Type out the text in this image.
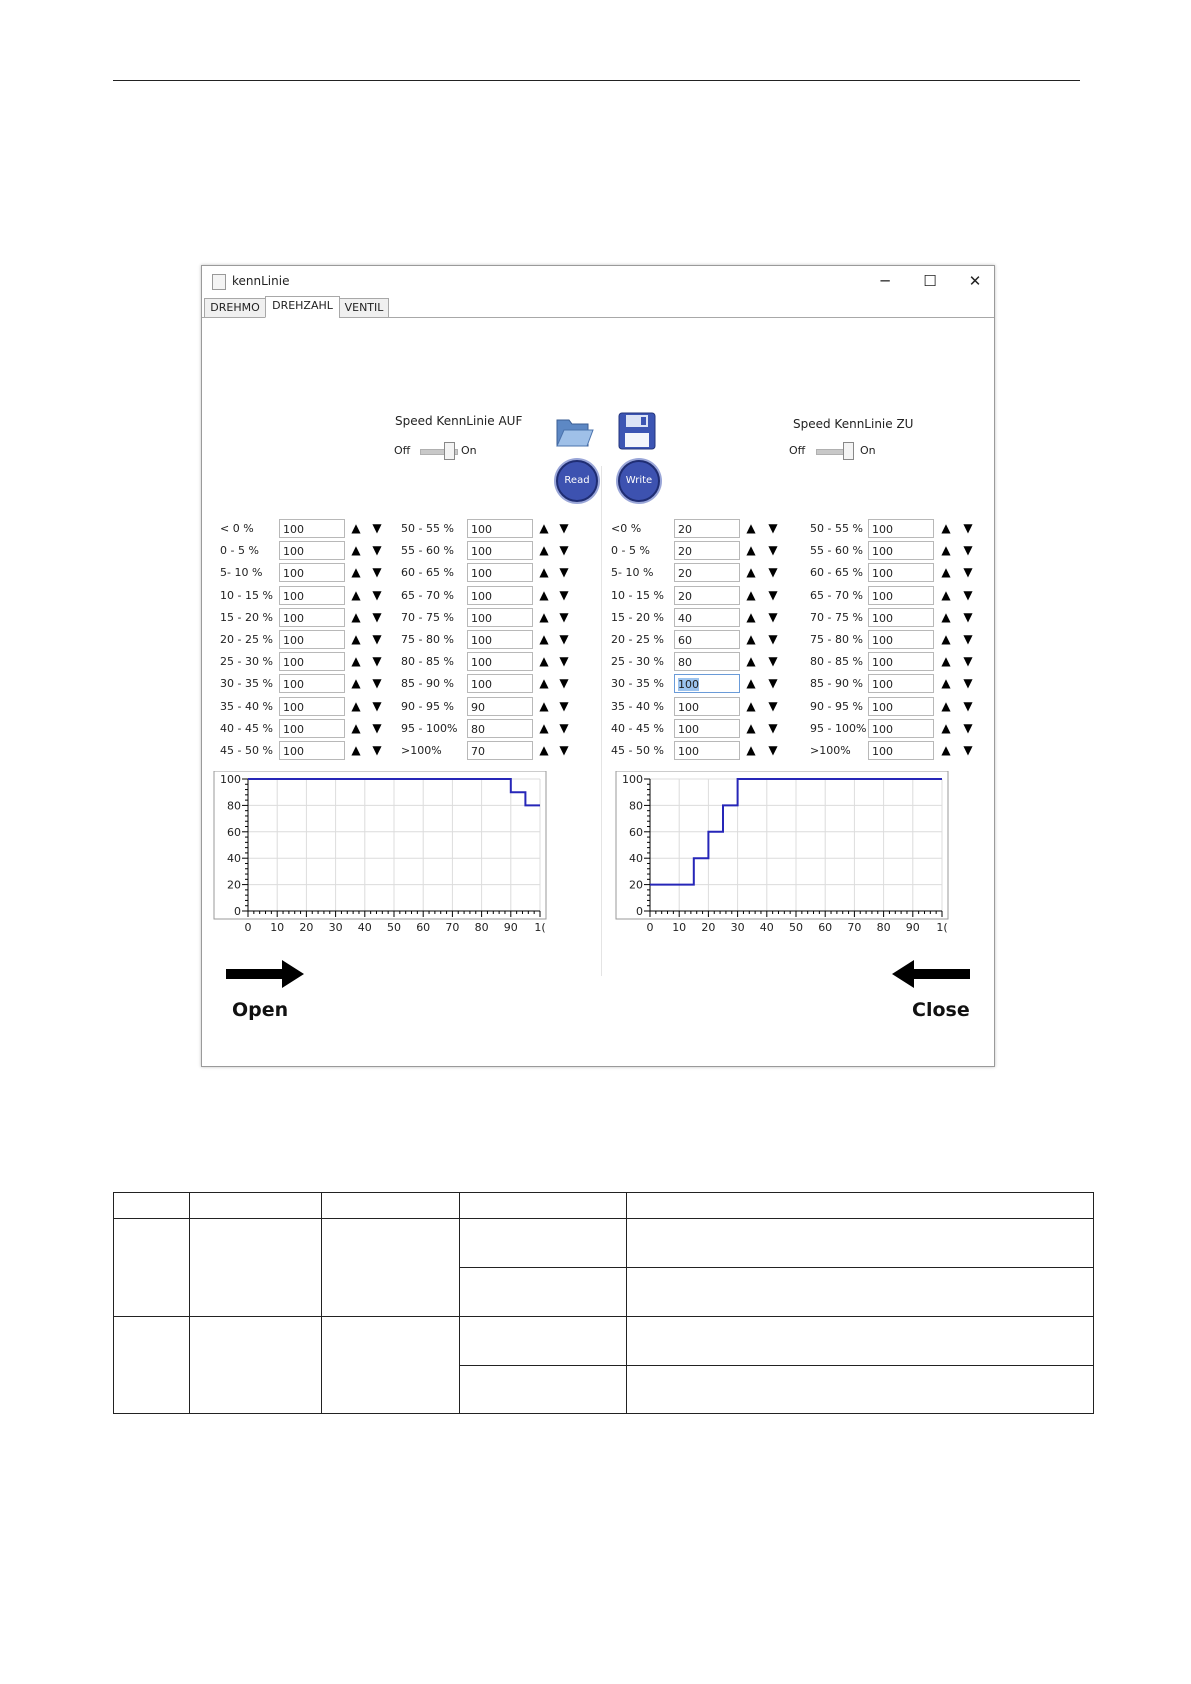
kennLinie	─	☐	✕
DREHMO	DREHZAHL	VENTIL
Speed KennLinie AUF
Off	On
Read	Write
Speed KennLinie ZU
Off	On
< 0 %	100	▲ ▼
0 - 5 %	100	▲ ▼
5- 10 %	100	▲ ▼
10 - 15 % 100	▲ ▼
15 - 20 % 100	▲ ▼
20 - 25 % 100	▲ ▼
25 - 30 % 100	▲ ▼
30 - 35 % 100	▲ ▼
35 - 40 % 100	▲ ▼
40 - 45 % 100	▲ ▼
45 - 50 % 100	▲ ▼
50 - 55 %	100	▲ ▼
55 - 60 %	100	▲ ▼
60 - 65 %	100	▲ ▼
65 - 70 %	100	▲ ▼
70 - 75 %	100	▲ ▼
75 - 80 %	100	▲ ▼
80 - 85 %	100	▲ ▼
85 - 90 %	100	▲ ▼
90 - 95 %	90	▲ ▼
95 - 100%	80	▲ ▼
>100%	70	▲ ▼
<0 %	20	▲	▼
0 - 5 %	20	▲	▼
5- 10 %	20	▲	▼
10 - 15 %	20	▲	▼
15 - 20 %	40	▲	▼
20 - 25 %	60	▲	▼
25 - 30 %	80	▲	▼
30 - 35 %	100	▲	▼
35 - 40 %	100	▲	▼
40 - 45 %	100	▲	▼
45 - 50 %	100	▲	▼
50 - 55 % 100	▲	▼
55 - 60 % 100	▲	▼
60 - 65 % 100	▲	▼
65 - 70 % 100	▲	▼
70 - 75 % 100	▲	▼
75 - 80 % 100	▲	▼
80 - 85 % 100	▲	▼
85 - 90 % 100	▲	▼
90 - 95 % 100	▲	▼
95 - 100% 100	▲	▼
>100%	100	▲	▼
0 10 20 30 40 50 60 70 80 90 1(
0
20
40
60
80
100
0 10 20 30 40 50 60 70 80 90 1(
0
20
40
60
80
100
Open	Close
